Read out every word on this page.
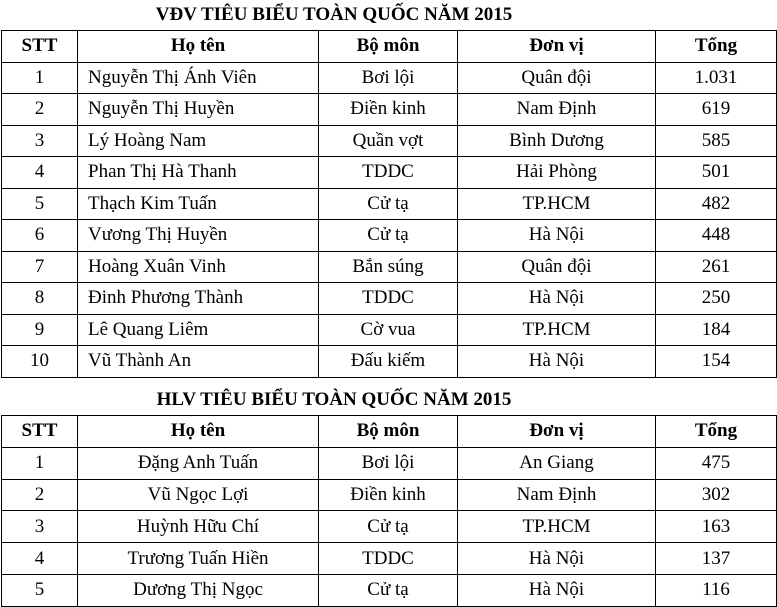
VĐV TIÊU BIỂU TOÀN QUỐC NĂM 2015
STT	Họ tên	Bộ môn	Đơn vị	Tổng
1	Nguyễn Thị Ánh Viên	Bơi lội	Quân đội	1.031
2	Nguyễn Thị Huyền	Điền kinh	Nam Định	619
3	Lý Hoàng Nam	Quần vợt	Bình Dương	585
4	Phan Thị Hà Thanh	TDDC	Hải Phòng	501
5	Thạch Kim Tuấn	Cử tạ	TP.HCM	482
6	Vương Thị Huyền	Cử tạ	Hà Nội	448
7	Hoàng Xuân Vinh	Bắn súng	Quân đội	261
8	Đinh Phương Thành	TDDC	Hà Nội	250
9	Lê Quang Liêm	Cờ vua	TP.HCM	184
10	Vũ Thành An	Đấu kiếm	Hà Nội	154
HLV TIÊU BIỂU TOÀN QUỐC NĂM 2015
STT	Họ tên	Bộ môn	Đơn vị	Tổng
1	Đặng Anh Tuấn	Bơi lội	An Giang	475
2	Vũ Ngọc Lợi	Điền kinh	Nam Định	302
3	Huỳnh Hữu Chí	Cử tạ	TP.HCM	163
4	Trương Tuấn Hiền	TDDC	Hà Nội	137
5	Dương Thị Ngọc	Cử tạ	Hà Nội	116
